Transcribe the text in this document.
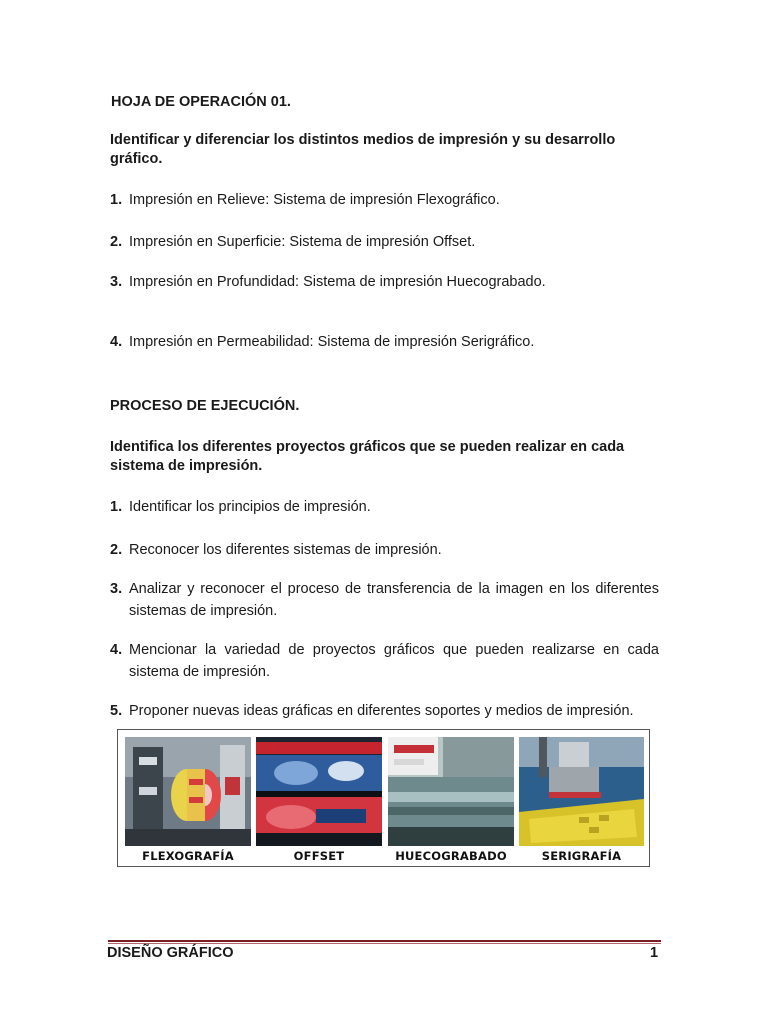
HOJA DE OPERACIÓN 01.
Identificar y diferenciar los distintos medios de impresión y su desarrollo gráfico.
1. Impresión en Relieve: Sistema de impresión Flexográfico.
2. Impresión en Superficie: Sistema de impresión Offset.
3. Impresión en Profundidad: Sistema de impresión Huecograbado.
4. Impresión en Permeabilidad: Sistema de impresión Serigráfico.
PROCESO DE EJECUCIÓN.
Identifica los diferentes proyectos gráficos que se pueden realizar en cada sistema de impresión.
1. Identificar los principios de impresión.
2. Reconocer los diferentes sistemas de impresión.
3. Analizar y reconocer el proceso de transferencia de la imagen en los diferentes sistemas de impresión.
4. Mencionar la variedad de proyectos gráficos que pueden realizarse en cada sistema de impresión.
5. Proponer nuevas ideas gráficas en diferentes soportes y medios de impresión.
FLEXOGRAFÍA	OFFSET	HUECOGRABADO	SERIGRAFÍA
DISEÑO GRÁFICO	1
